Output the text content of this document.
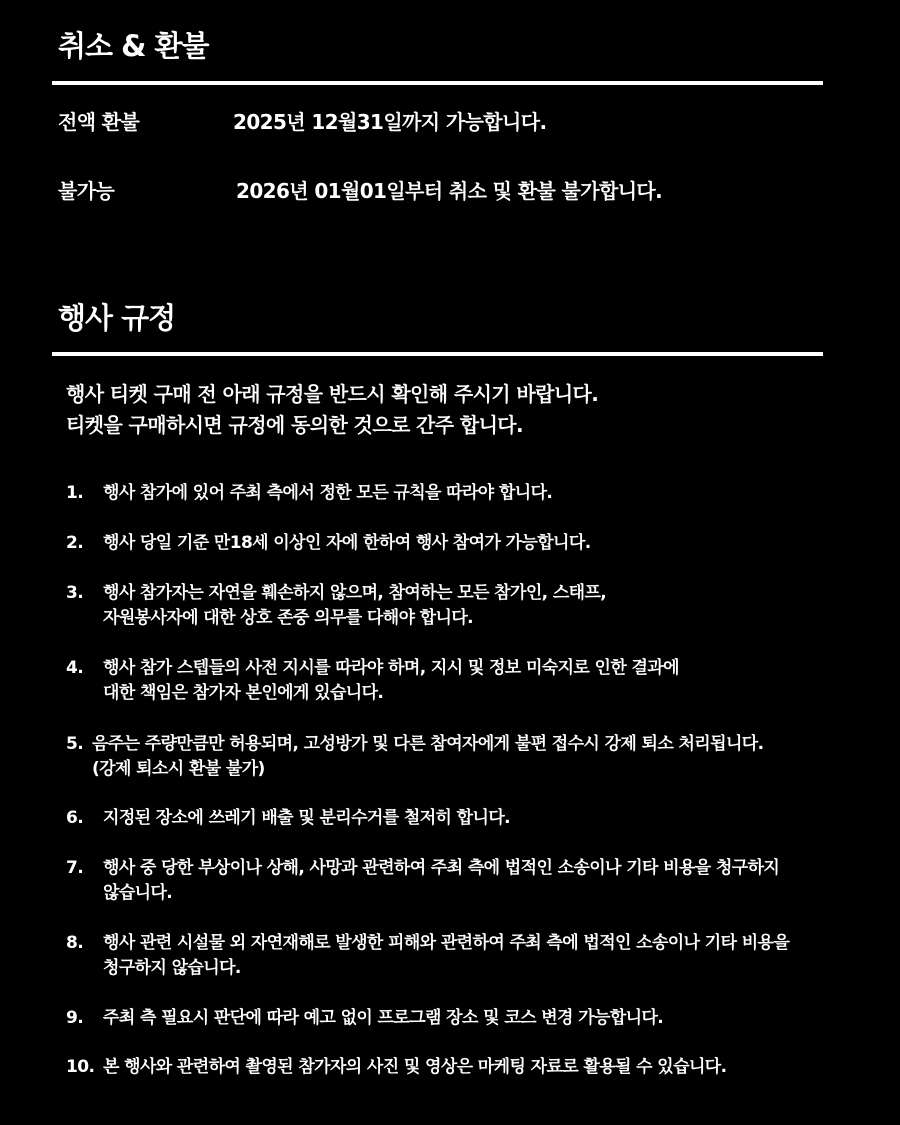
취소 & 환불
전액 환불	2025년 12월31일까지 가능합니다.
불가능	2026년 01월01일부터 취소 및 환불 불가합니다.
행사 규정
행사 티켓 구매 전 아래 규정을 반드시 확인해 주시기 바랍니다.
티켓을 구매하시면 규정에 동의한 것으로 간주 합니다.
1. 행사 참가에 있어 주최 측에서 정한 모든 규칙을 따라야 합니다.
2. 행사 당일 기준 만18세 이상인 자에 한하여 행사 참여가 가능합니다.
3. 행사 참가자는 자연을 훼손하지 않으며, 참여하는 모든 참가인, 스태프,
자원봉사자에 대한 상호 존중 의무를 다해야 합니다.
4. 행사 참가 스텝들의 사전 지시를 따라야 하며, 지시 및 정보 미숙지로 인한 결과에
대한 책임은 참가자 본인에게 있습니다.
5. 음주는 주량만큼만 허용되며, 고성방가 및 다른 참여자에게 불편 접수시 강제 퇴소 처리됩니다.
(강제 퇴소시 환불 불가)
6. 지정된 장소에 쓰레기 배출 및 분리수거를 철저히 합니다.
7. 행사 중 당한 부상이나 상해, 사망과 관련하여 주최 측에 법적인 소송이나 기타 비용을 청구하지
않습니다.
8. 행사 관련 시설물 외 자연재해로 발생한 피해와 관련하여 주최 측에 법적인 소송이나 기타 비용을
청구하지 않습니다.
9. 주최 측 필요시 판단에 따라 예고 없이 프로그램 장소 및 코스 변경 가능합니다.
10. 본 행사와 관련하여 촬영된 참가자의 사진 및 영상은 마케팅 자료로 활용될 수 있습니다.
